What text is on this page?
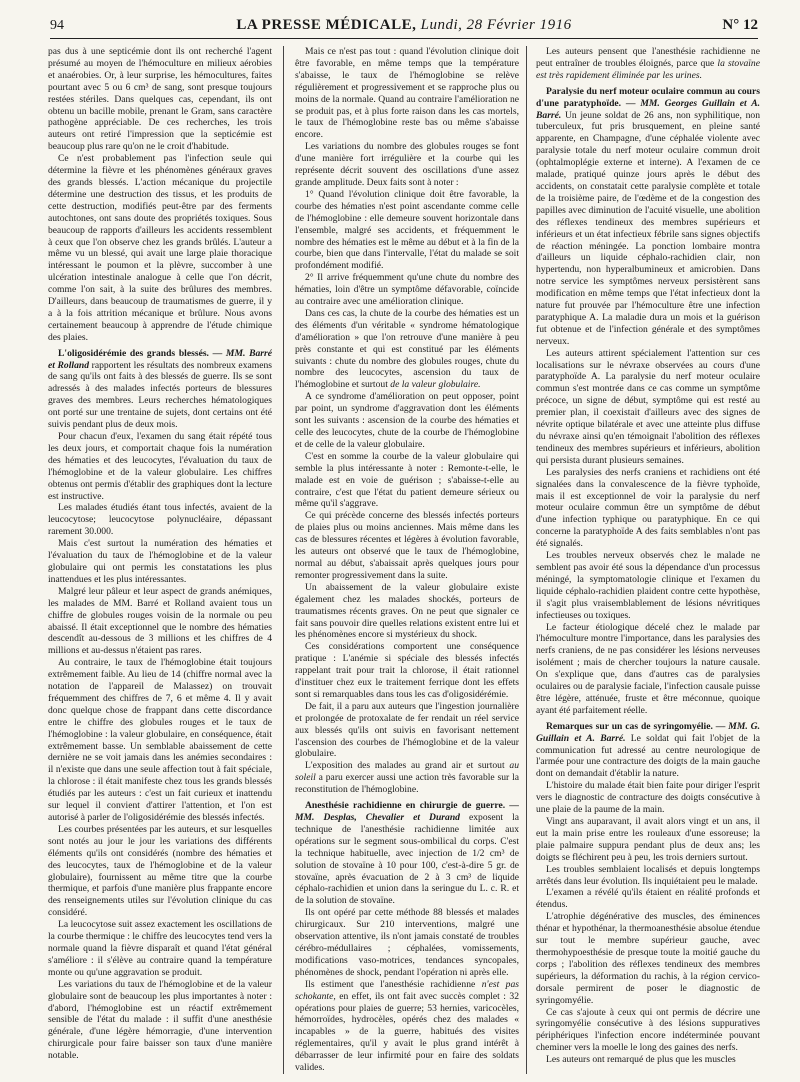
94	LA PRESSE MÉDICALE, Lundi, 28 Février 1916	N° 12

pas dus à une septicémie dont ils ont recherché l'agent présumé au moyen de l'hémoculture en milieux aérobies et anaérobies. Or, à leur surprise, les hémocultures, faites pourtant avec 5 ou 6 cm³ de sang, sont presque toujours restées stériles. Dans quelques cas, cependant, ils ont obtenu un bacille mobile, prenant le Gram, sans caractère pathogène appréciable. De ces recherches, les trois auteurs ont retiré l'impression que la septicémie est beaucoup plus rare qu'on ne le croit d'habitude.

Ce n'est probablement pas l'infection seule qui détermine la fièvre et les phénomènes généraux graves des grands blessés. L'action mécanique du projectile détermine une destruction des tissus, et les produits de cette destruction, modifiés peut-être par des ferments autochtones, ont sans doute des propriétés toxiques. Sous beaucoup de rapports d'ailleurs les accidents ressemblent à ceux que l'on observe chez les grands brûlés. L'auteur a même vu un blessé, qui avait une large plaie thoracique intéressant le poumon et la plèvre, succomber à une ulcération intestinale analogue à celle que l'on décrit, comme l'on sait, à la suite des brûlures des membres. D'ailleurs, dans beaucoup de traumatismes de guerre, il y a à la fois attrition mécanique et brûlure. Nous avons certainement beaucoup à apprendre de l'étude chimique des plaies.

L'oligosidérémie des grands blessés. — MM. Barré et Rolland rapportent les résultats des nombreux examens de sang qu'ils ont faits à des blessés de guerre. Ils se sont adressés à des malades infectés porteurs de blessures graves des membres. Leurs recherches hématologiques ont porté sur une trentaine de sujets, dont certains ont été suivis pendant plus de deux mois.

Pour chacun d'eux, l'examen du sang était répété tous les deux jours, et comportait chaque fois la numération des hématies et des leucocytes, l'évaluation du taux de l'hémoglobine et de la valeur globulaire. Les chiffres obtenus ont permis d'établir des graphiques dont la lecture est instructive.

Les malades étudiés étant tous infectés, avaient de la leucocytose; leucocytose polynucléaire, dépassant rarement 30.000.

Mais c'est surtout la numération des hématies et l'évaluation du taux de l'hémoglobine et de la valeur globulaire qui ont permis les constatations les plus inattendues et les plus intéressantes.

Malgré leur pâleur et leur aspect de grands anémiques, les malades de MM. Barré et Rolland avaient tous un chiffre de globules rouges voisin de la normale ou peu abaissé. Il était exceptionnel que le nombre des hématies descendît au-dessous de 3 millions et les chiffres de 4 millions et au-dessus n'étaient pas rares.

Au contraire, le taux de l'hémoglobine était toujours extrêmement faible. Au lieu de 14 (chiffre normal avec la notation de l'appareil de Malassez) on trouvait fréquemment des chiffres de 7, 6 et même 4. Il y avait donc quelque chose de frappant dans cette discordance entre le chiffre des globules rouges et le taux de l'hémoglobine : la valeur globulaire, en conséquence, était extrêmement basse. Un semblable abaissement de cette dernière ne se voit jamais dans les anémies secondaires : il n'existe que dans une seule affection tout à fait spéciale, la chlorose : il était manifeste chez tous les grands blessés étudiés par les auteurs : c'est un fait curieux et inattendu sur lequel il convient d'attirer l'attention, et l'on est autorisé à parler de l'oligosidérémie des blessés infectés.

Les courbes présentées par les auteurs, et sur lesquelles sont notés au jour le jour les variations des différents éléments qu'ils ont considérés (nombre des hématies et des leucocytes, taux de l'hémoglobine et de la valeur globulaire), fournissent au même titre que la courbe thermique, et parfois d'une manière plus frappante encore des renseignements utiles sur l'évolution clinique du cas considéré.

La leucocytose suit assez exactement les oscillations de la courbe thermique : le chiffre des leucocytes tend vers la normale quand la fièvre disparaît et quand l'état général s'améliore : il s'élève au contraire quand la température monte ou qu'une aggravation se produit.

Les variations du taux de l'hémoglobine et de la valeur globulaire sont de beaucoup les plus importantes à noter : d'abord, l'hémoglobine est un réactif extrêmement sensible de l'état du malade : il suffit d'une anesthésie générale, d'une légère hémorragie, d'une intervention chirurgicale pour faire baisser son taux d'une manière notable.

Mais ce n'est pas tout : quand l'évolution clinique doit être favorable, en même temps que la température s'abaisse, le taux de l'hémoglobine se relève régulièrement et progressivement et se rapproche plus ou moins de la normale. Quand au contraire l'amélioration ne se produit pas, et à plus forte raison dans les cas mortels, le taux de l'hémoglobine reste bas ou même s'abaisse encore.

Les variations du nombre des globules rouges se font d'une manière fort irrégulière et la courbe qui les représente décrit souvent des oscillations d'une assez grande amplitude. Deux faits sont à noter :

1° Quand l'évolution clinique doit être favorable, la courbe des hématies n'est point ascendante comme celle de l'hémoglobine : elle demeure souvent horizontale dans l'ensemble, malgré ses accidents, et fréquemment le nombre des hématies est le même au début et à la fin de la courbe, bien que dans l'intervalle, l'état du malade se soit profondément modifié.

2° Il arrive fréquemment qu'une chute du nombre des hématies, loin d'être un symptôme défavorable, coïncide au contraire avec une amélioration clinique.

Dans ces cas, la chute de la courbe des hématies est un des éléments d'un véritable « syndrome hématologique d'amélioration » que l'on retrouve d'une manière à peu près constante et qui est constitué par les éléments suivants : chute du nombre des globules rouges, chute du nombre des leucocytes, ascension du taux de l'hémoglobine et surtout de la valeur globulaire.

A ce syndrome d'amélioration on peut opposer, point par point, un syndrome d'aggravation dont les éléments sont les suivants : ascension de la courbe des hématies et celle des leucocytes, chute de la courbe de l'hémoglobine et de celle de la valeur globulaire.

C'est en somme la courbe de la valeur globulaire qui semble la plus intéressante à noter : Remonte-t-elle, le malade est en voie de guérison ; s'abaisse-t-elle au contraire, c'est que l'état du patient demeure sérieux ou même qu'il s'aggrave.

Ce qui précède concerne des blessés infectés porteurs de plaies plus ou moins anciennes. Mais même dans les cas de blessures récentes et légères à évolution favorable, les auteurs ont observé que le taux de l'hémoglobine, normal au début, s'abaissait après quelques jours pour remonter progressivement dans la suite.

Un abaissement de la valeur globulaire existe également chez les malades shockés, porteurs de traumatismes récents graves. On ne peut que signaler ce fait sans pouvoir dire quelles relations existent entre lui et les phénomènes encore si mystérieux du shock.

Ces considérations comportent une conséquence pratique : L'anémie si spéciale des blessés infectés rappelant trait pour trait la chlorose, il était rationnel d'instituer chez eux le traitement ferrique dont les effets sont si remarquables dans tous les cas d'oligosidérémie.

De fait, il a paru aux auteurs que l'ingestion journalière et prolongée de protoxalate de fer rendait un réel service aux blessés qu'ils ont suivis en favorisant nettement l'ascension des courbes de l'hémoglobine et de la valeur globulaire.

L'exposition des malades au grand air et surtout au soleil a paru exercer aussi une action très favorable sur la reconstitution de l'hémoglobine.

Anesthésie rachidienne en chirurgie de guerre. — MM. Desplas, Chevalier et Durand exposent la technique de l'anesthésie rachidienne limitée aux opérations sur le segment sous-ombilical du corps. C'est la technique habituelle, avec injection de 1/2 cm³ de solution de stovaïne à 10 pour 100, c'est-à-dire 5 gr. de stovaïne, après évacuation de 2 à 3 cm³ de liquide céphalo-rachidien et union dans la seringue du L. c. R. et de la solution de stovaïne.

Ils ont opéré par cette méthode 88 blessés et malades chirurgicaux. Sur 210 interventions, malgré une observation attentive, ils n'ont jamais constaté de troubles cérébro-médullaires ; céphalées, vomissements, modifications vaso-motrices, tendances syncopales, phénomènes de shock, pendant l'opération ni après elle.

Ils estiment que l'anesthésie rachidienne n'est pas schokante, en effet, ils ont fait avec succès complet : 32 opérations pour plaies de guerre; 53 hernies, varicocèles, hémorroïdes, hydrocèles, opérés chez des malades « incapables » de la guerre, habitués des visites réglementaires, qu'il y avait le plus grand intérêt à débarrasser de leur infirmité pour en faire des soldats valides.

Les auteurs pensent que l'anesthésie rachidienne ne peut entraîner de troubles éloignés, parce que la stovaïne est très rapidement éliminée par les urines.

Paralysie du nerf moteur oculaire commun au cours d'une paratyphoïde. — MM. Georges Guillain et A. Barré. Un jeune soldat de 26 ans, non syphilitique, non tuberculeux, fut pris brusquement, en pleine santé apparente, en Champagne, d'une céphalée violente avec paralysie totale du nerf moteur oculaire commun droit (ophtalmoplégie externe et interne). A l'examen de ce malade, pratiqué quinze jours après le début des accidents, on constatait cette paralysie complète et totale de la troisième paire, de l'œdème et de la congestion des papilles avec diminution de l'acuité visuelle, une abolition des réflexes tendineux des membres supérieurs et inférieurs et un état infectieux fébrile sans signes objectifs de réaction méningée. La ponction lombaire montra d'ailleurs un liquide céphalo-rachidien clair, non hypertendu, non hyperalbumineux et amicrobien. Dans notre service les symptômes nerveux persistèrent sans modification en même temps que l'état infectieux dont la nature fut prouvée par l'hémoculture être une infection paratyphique A. La maladie dura un mois et la guérison fut obtenue et de l'infection générale et des symptômes nerveux.

Les auteurs attirent spécialement l'attention sur ces localisations sur le névraxe observées au cours d'une paratyphoïde A. La paralysie du nerf moteur oculaire commun s'est montrée dans ce cas comme un symptôme précoce, un signe de début, symptôme qui est resté au premier plan, il coexistait d'ailleurs avec des signes de névrite optique bilatérale et avec une atteinte plus diffuse du névraxe ainsi qu'en témoignait l'abolition des réflexes tendineux des membres supérieurs et inférieurs, abolition qui persista durant plusieurs semaines.

Les paralysies des nerfs craniens et rachidiens ont été signalées dans la convalescence de la fièvre typhoïde, mais il est exceptionnel de voir la paralysie du nerf moteur oculaire commun être un symptôme de début d'une infection typhique ou paratyphique. En ce qui concerne la paratyphoïde A des faits semblables n'ont pas été signalés.

Les troubles nerveux observés chez le malade ne semblent pas avoir été sous la dépendance d'un processus méningé, la symptomatologie clinique et l'examen du liquide céphalo-rachidien plaident contre cette hypothèse, il s'agit plus vraisemblablement de lésions névritiques infectieuses ou toxiques.

Le facteur étiologique décelé chez le malade par l'hémoculture montre l'importance, dans les paralysies des nerfs craniens, de ne pas considérer les lésions nerveuses isolément ; mais de chercher toujours la nature causale. On s'explique que, dans d'autres cas de paralysies oculaires ou de paralysie faciale, l'infection causale puisse être légère, atténuée, fruste et être méconnue, quoique ayant été parfaitement réelle.

Remarques sur un cas de syringomyélie. — MM. G. Guillain et A. Barré. Le soldat qui fait l'objet de la communication fut adressé au centre neurologique de l'armée pour une contracture des doigts de la main gauche dont on demandait d'établir la nature.

L'histoire du malade était bien faite pour diriger l'esprit vers le diagnostic de contracture des doigts consécutive à une plaie de la paume de la main.

Vingt ans auparavant, il avait alors vingt et un ans, il eut la main prise entre les rouleaux d'une essoreuse; la plaie palmaire suppura pendant plus de deux ans; les doigts se fléchirent peu à peu, les trois derniers surtout.

Les troubles semblaient localisés et depuis longtemps arrêtés dans leur évolution. Ils inquiétaient peu le malade.

L'examen a révélé qu'ils étaient en réalité profonds et étendus.

L'atrophie dégénérative des muscles, des éminences thénar et hypothénar, la thermoanesthésie absolue étendue sur tout le membre supérieur gauche, avec thermohypoesthésie de presque toute la moitié gauche du corps ; l'abolition des réflexes tendineux des membres supérieurs, la déformation du rachis, à la région cervico-dorsale permirent de poser le diagnostic de syringomyélie.

Ce cas s'ajoute à ceux qui ont permis de décrire une syringomyélie consécutive à des lésions suppuratives périphériques l'infection encore indéterminée pouvant cheminer vers la moelle le long des gaines des nerfs.

Les auteurs ont remarqué de plus que les muscles
